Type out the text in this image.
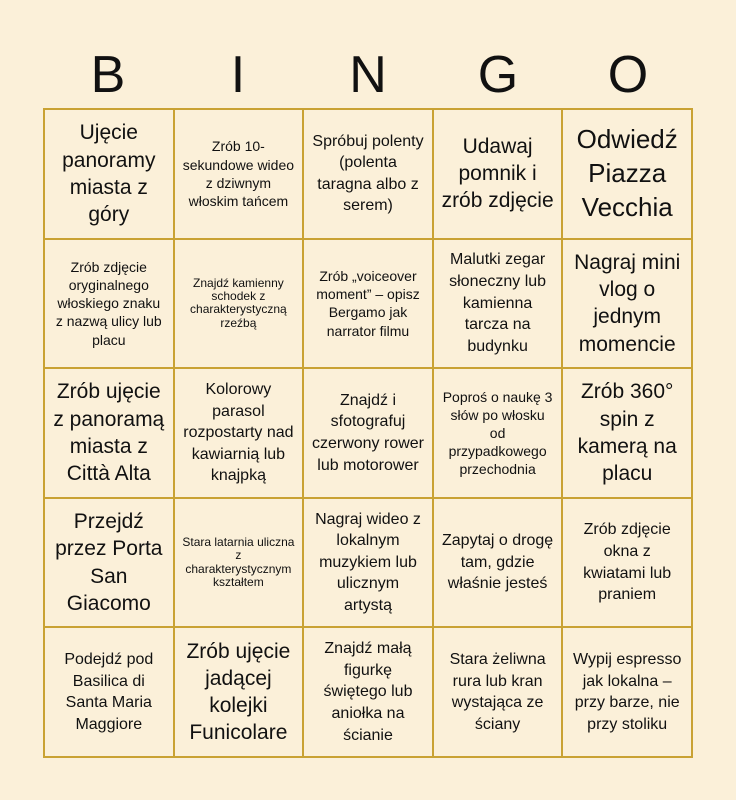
B	I	N	G	O
Ujęcie panoramy miasta z góry
Zrób 10-sekundowe wideo z dziwnym włoskim tańcem
Spróbuj polenty (polenta taragna albo z serem)
Udawaj pomnik i zrób zdjęcie
Odwiedź Piazza Vecchia
Zrób zdjęcie oryginalnego włoskiego znaku z nazwą ulicy lub placu
Znajdź kamienny schodek z charakterystyczną rzeźbą
Zrób „voiceover moment” – opisz Bergamo jak narrator filmu
Malutki zegar słoneczny lub kamienna tarcza na budynku
Nagraj mini vlog o jednym momencie
Zrób ujęcie z panoramą miasta z Città Alta
Kolorowy parasol rozpostarty nad kawiarnią lub knajpką
Znajdź i sfotografuj czerwony rower lub motorower
Poproś o naukę 3 słów po włosku od przypadkowego przechodnia
Zrób 360° spin z kamerą na placu
Przejdź przez Porta San Giacomo
Stara latarnia uliczna z charakterystycznym kształtem
Nagraj wideo z lokalnym muzykiem lub ulicznym artystą
Zapytaj o drogę tam, gdzie właśnie jesteś
Zrób zdjęcie okna z kwiatami lub praniem
Podejdź pod Basilica di Santa Maria Maggiore
Zrób ujęcie jadącej kolejki Funicolare
Znajdź małą figurkę świętego lub aniołka na ścianie
Stara żeliwna rura lub kran wystająca ze ściany
Wypij espresso jak lokalna – przy barze, nie przy stoliku
